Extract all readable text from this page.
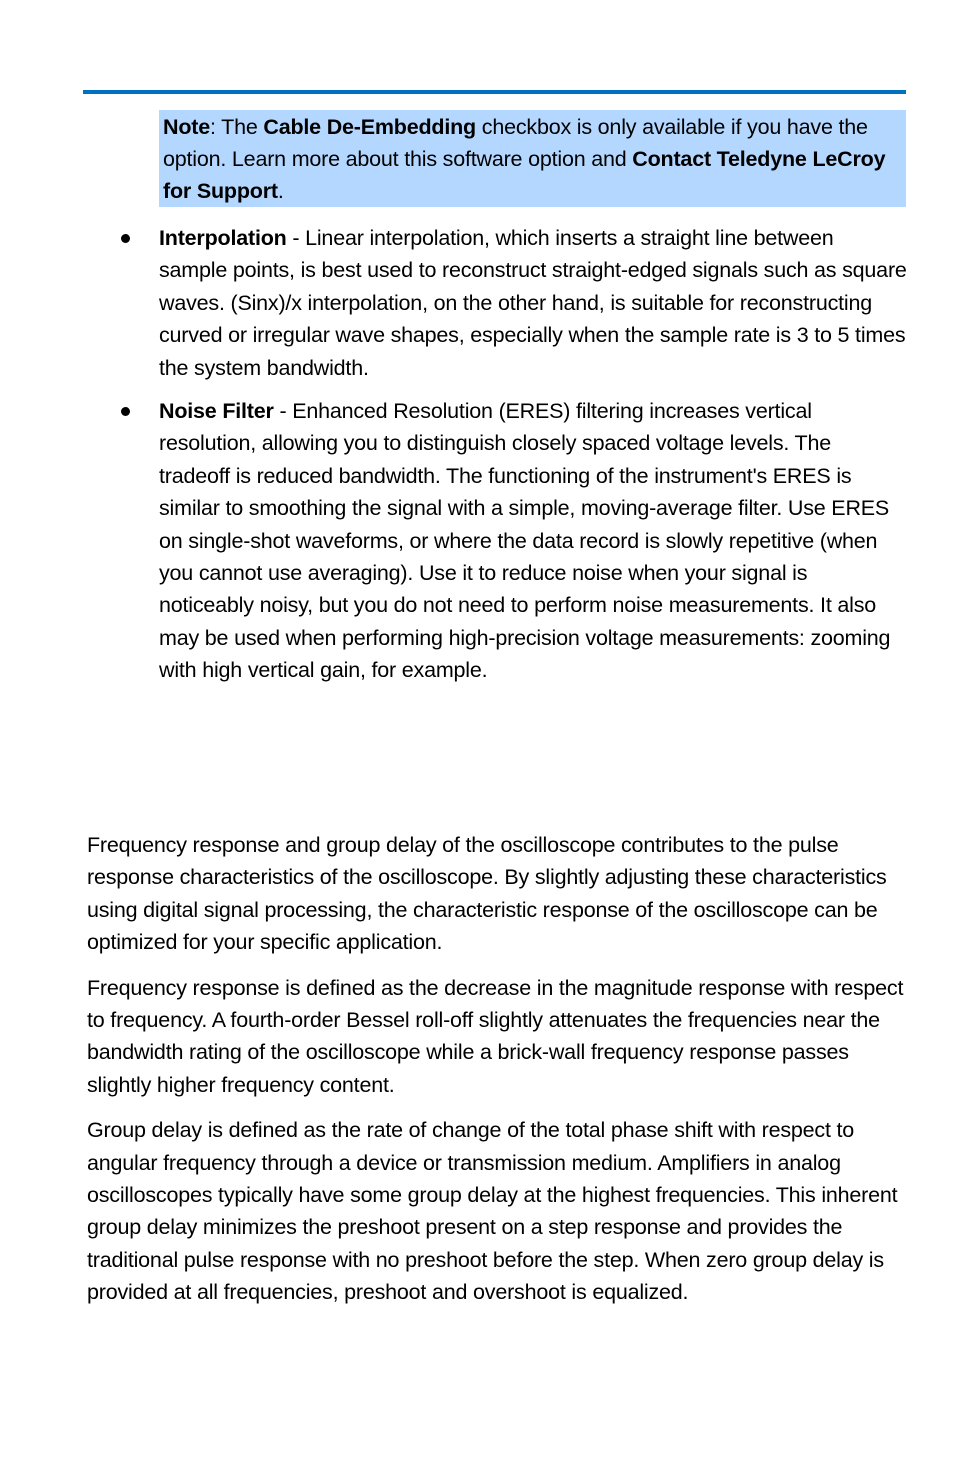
Note: The Cable De-Embedding checkbox is only available if you have the option. Learn more about this software option and Contact Teledyne LeCroy for Support.
Interpolation - Linear interpolation, which inserts a straight line between sample points, is best used to reconstruct straight-edged signals such as square waves. (Sinx)/x interpolation, on the other hand, is suitable for reconstructing curved or irregular wave shapes, especially when the sample rate is 3 to 5 times the system bandwidth.
Noise Filter - Enhanced Resolution (ERES) filtering increases vertical resolution, allowing you to distinguish closely spaced voltage levels. The tradeoff is reduced bandwidth. The functioning of the instrument's ERES is similar to smoothing the signal with a simple, moving-average filter. Use ERES on single-shot waveforms, or where the data record is slowly repetitive (when you cannot use averaging). Use it to reduce noise when your signal is noticeably noisy, but you do not need to perform noise measurements. It also may be used when performing high-precision voltage measurements: zooming with high vertical gain, for example.

Frequency response and group delay of the oscilloscope contributes to the pulse response characteristics of the oscilloscope. By slightly adjusting these characteristics using digital signal processing, the characteristic response of the oscilloscope can be optimized for your specific application.

Frequency response is defined as the decrease in the magnitude response with respect to frequency. A fourth-order Bessel roll-off slightly attenuates the frequencies near the bandwidth rating of the oscilloscope while a brick-wall frequency response passes slightly higher frequency content.

Group delay is defined as the rate of change of the total phase shift with respect to angular frequency through a device or transmission medium. Amplifiers in analog oscilloscopes typically have some group delay at the highest frequencies. This inherent group delay minimizes the preshoot present on a step response and provides the traditional pulse response with no preshoot before the step. When zero group delay is provided at all frequencies, preshoot and overshoot is equalized.
